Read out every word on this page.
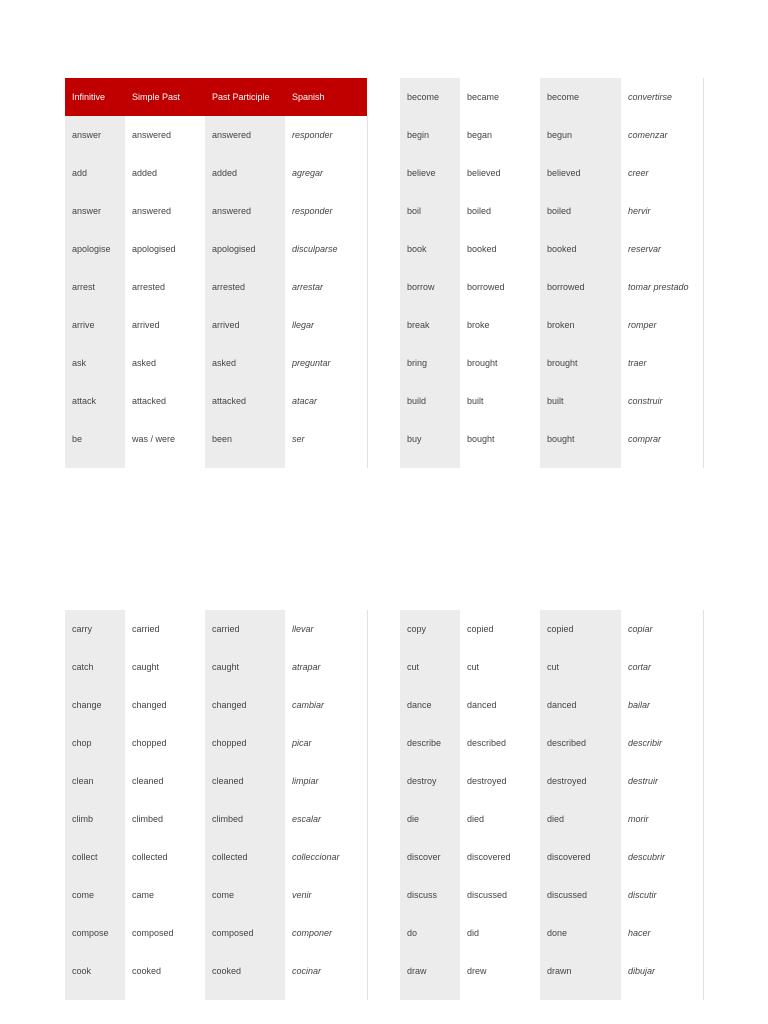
Infinitive	Simple Past	Past Participle	Spanish
answer	answered	answered	responder
add	added	added	agregar
answer	answered	answered	responder
apologise	apologised	apologised	disculparse
arrest	arrested	arrested	arrestar
arrive	arrived	arrived	llegar
ask	asked	asked	preguntar
attack	attacked	attacked	atacar
be	was / were	been	ser

become	became	become	convertirse
begin	began	begun	comenzar
believe	believed	believed	creer
boil	boiled	boiled	hervir
book	booked	booked	reservar
borrow	borrowed	borrowed	tomar prestado
break	broke	broken	romper
bring	brought	brought	traer
build	built	built	construir
buy	bought	bought	comprar

carry	carried	carried	llevar
catch	caught	caught	atrapar
change	changed	changed	cambiar
chop	chopped	chopped	picar
clean	cleaned	cleaned	limpiar
climb	climbed	climbed	escalar
collect	collected	collected	colleccionar
come	came	come	venir
compose	composed	composed	componer
cook	cooked	cooked	cocinar

copy	copied	copied	copiar
cut	cut	cut	cortar
dance	danced	danced	bailar
describe	described	described	describir
destroy	destroyed	destroyed	destruir
die	died	died	morir
discover	discovered	discovered	descubrir
discuss	discussed	discussed	discutir
do	did	done	hacer
draw	drew	drawn	dibujar
